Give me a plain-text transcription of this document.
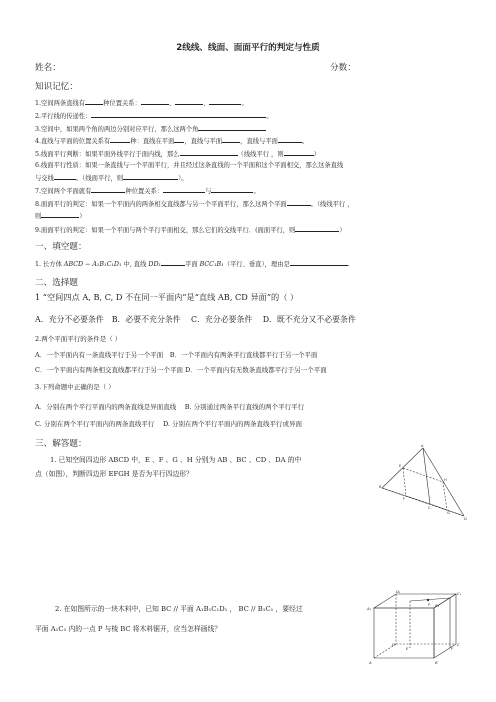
2线线、线面、面面平行的判定与性质
姓名：	分数：
知识记忆：
1.空间两条直线有	种位置关系：	、	、	。
2.平行线的传递性：	。
3.空间中，如果两个角的两边分别对应平行，那么这两个角
4.直线与平面的位置关系有	种：直线在平面 ，直线与平面	，直线与平面	。
5.线面平行判断：如果平面外线平行于面内线，那么	（线线平行 ，则	）
6.线面平行性质：如果一条直线与一个平面平行，并且经过这条直线的一个平面和这个平面相交，那么这条直线
与交线	。（线面平行，则	）。
7.空间两个平面就有	种位置关系：	与	。
8.面面平行的判定：如果一个平面内的两条相交直线都与另一个平面平行，那么这两个平面	。（线线平行 ，
则	）
9.面面平行的判定：如果一个平面与两个平行平面相交，那么它们的交线平行．(面面平行，则	）
一、填空题：
1. 长方体 ABCD − A₁B₁C₁D₁ 中, 直线 DD₁	平面 BCC₁B₁（平行、垂直），理由是	.
二、选择题
1 “空间四点 A, B, C, D 不在同一平面内”是“直线 AB, CD 异面”的（ ）
A．充分不必要条件　B．必要不充分条件　 C．充分必要条件　 D．既不充分又不必要条件
2.两个平面平行的条件是（ ）
A．一个平面内有一条直线平行于另一个平面　B．一个平面内有两条平行直线都平行于另一个平面
C．一个平面内有两条相交直线都平行于另一个平面 D．一个平面内有无数条直线都平行于另一个平面
3.下列命题中正确的是（ ）
A．分别在两个平行平面内的两条直线是异面直线　 B. 分别通过两条平行直线的两个平行平行
C. 分别在两个平行平面内的两条直线平行　 D. 分别在两个平行平面内的两条直线平行或异面
三、解答题：
1. 已知空间四边形 ABCD 中，E 、F 、G 、H 分别为 AB 、BC 、CD 、DA 的中
点（如图），判断四边形 EFGH 是否为平行四边形？
2. 在如图所示的一块木料中，已知 BC // 平面 A₁B₁C₁D₁ ， BC // B₁C₁ ，要经过
平面 A₁C₁ 内的一点 P 与棱 BC 将木料锯开，应当怎样画线？
A
B
C
D
E
F
G
H
D₁
A₁
C₁
B₁
P
D	C
A	B
E	F
